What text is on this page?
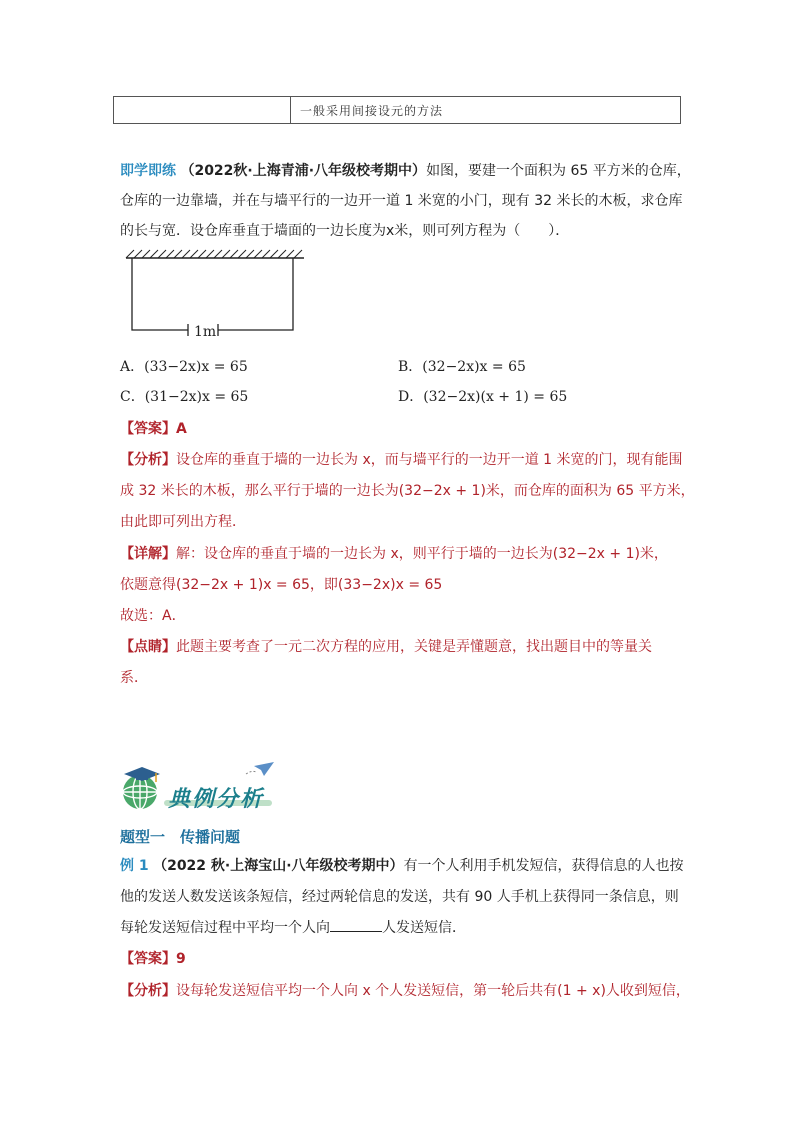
一般采用间接设元的方法
即学即练 （2022秋·上海青浦·八年级校考期中）如图，要建一个面积为 65 平方米的仓库，
仓库的一边靠墙，并在与墙平行的一边开一道 1 米宽的小门，现有 32 米长的木板，求仓库
的长与宽．设仓库垂直于墙面的一边长度为x米，则可列方程为（　　）．
1m
A．(33−2x)x = 65	B．(32−2x)x = 65
C．(31−2x)x = 65	D．(32−2x)(x + 1) = 65
【答案】A
【分析】设仓库的垂直于墙的一边长为 x，而与墙平行的一边开一道 1 米宽的门，现有能围
成 32 米长的木板，那么平行于墙的一边长为(32−2x + 1)米，而仓库的面积为 65 平方米，
由此即可列出方程．
【详解】解：设仓库的垂直于墙的一边长为 x，则平行于墙的一边长为(32−2x + 1)米，
依题意得(32−2x + 1)x = 65，即(33−2x)x = 65
故选：A．
【点睛】此题主要考查了一元二次方程的应用，关键是弄懂题意，找出题目中的等量关
系．
典例分析
题型一　传播问题
例 1 （2022 秋·上海宝山·八年级校考期中）有一个人利用手机发短信，获得信息的人也按
他的发送人数发送该条短信，经过两轮信息的发送，共有 90 人手机上获得同一条信息，则
每轮发送短信过程中平均一个人向	人发送短信．
【答案】9
【分析】设每轮发送短信平均一个人向 x 个人发送短信，第一轮后共有(1 + x)人收到短信，
